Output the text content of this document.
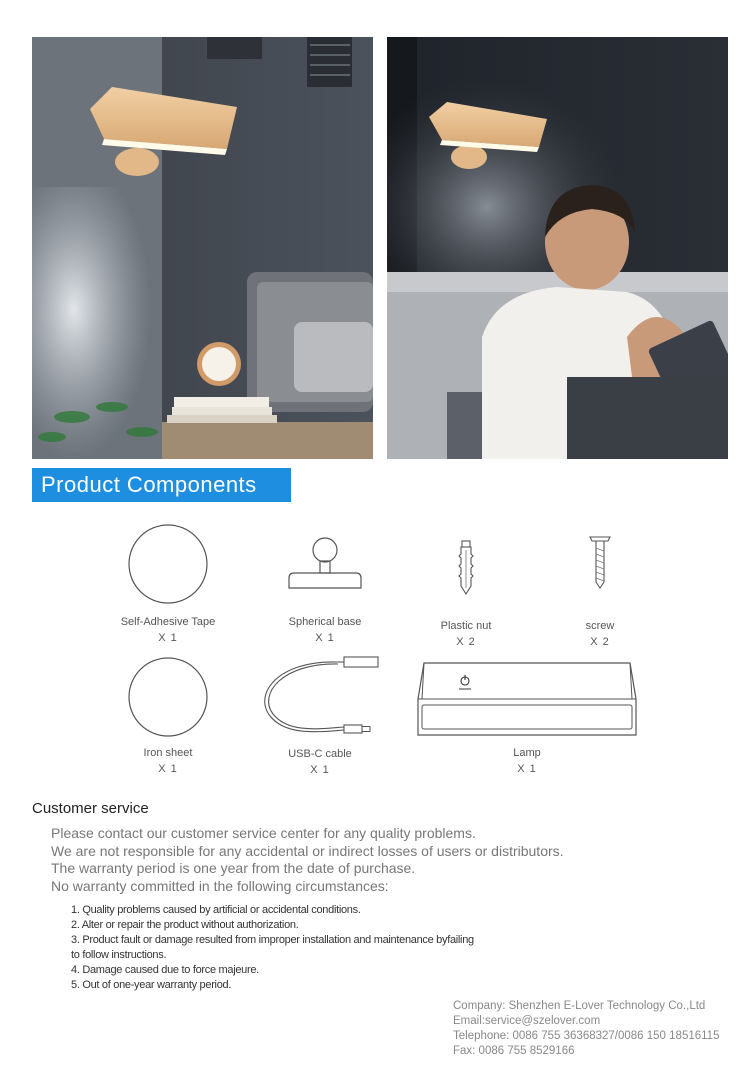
Product Components
Self-Adhesive Tape
X 1
Spherical base
X 1
Plastic nut
X 2
screw
X 2
Iron sheet
X 1
USB-C cable
X 1
Lamp
X 1
Customer service
Please contact our customer service center for any quality problems.
We are not responsible for any accidental or indirect losses of users or distributors.
The warranty period is one year from the date of purchase.
No warranty committed in the following circumstances:
1. Quality problems caused by artificial or accidental conditions.
2. Alter or repair the product without authorization.
3. Product fault or damage resulted from improper installation and maintenance byfailing
to follow instructions.
4. Damage caused due to force majeure.
5. Out of one-year warranty period.
Company: Shenzhen E-Lover Technology Co.,Ltd
Email:service@szelover.com
Telephone: 0086 755 36368327/0086 150 18516115
Fax: 0086 755 8529166
